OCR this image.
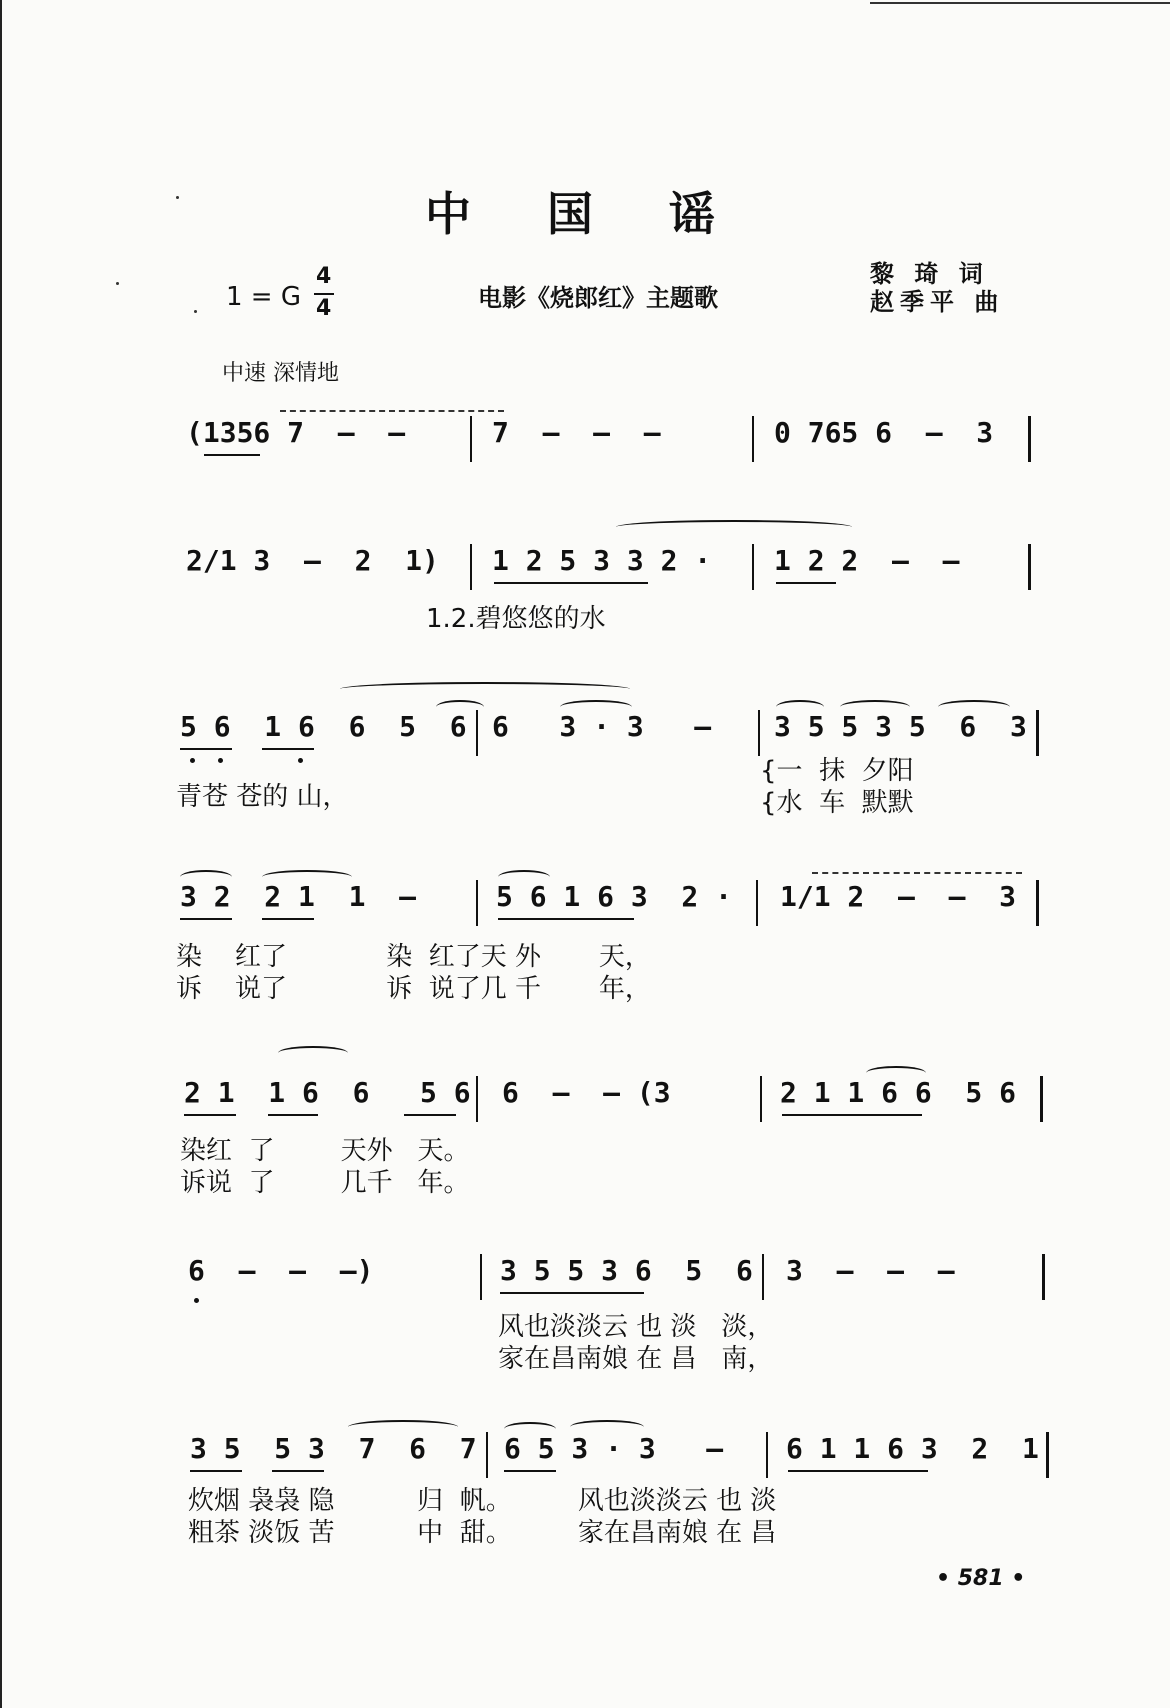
中 国 谣
1 = G
4
4	电影《烧郎红》主题歌
黎 琦 词
赵季平 曲
中速 深情地
(1356 7  —  —	7  —  —  —	0 765 6  —  3
2/1 3  —  2  1) 1 2 5 3 3 2 · 1 2 2  —  —
1.2.碧悠悠的水
5 6  1 6  6  5  6 6   3 · 3   — 3 5 5 3 5  6  3
青苍 苍的 山，
{一  抹  夕阳
{水  车  默默
3 2  2 1  1  —	5 6 1 6 3  2 · 1/1 2  —  —  3
染    红了            染  红了天 外       天，
诉    说了            诉  说了几 千       年，
2 1  1 6  6   5 6 6  —  — (3	2 1 1 6 6  5 6
染红  了        天外   天。
诉说  了        几千   年。
6  —  —  —)	3 5 5 3 6  5  6 3  —  —  —
风也淡淡云 也 淡   淡，
家在昌南娘 在 昌   南，
3 5  5 3  7  6  7 6 5 3 · 3   — 6 1 1 6 3  2  1
炊烟 袅袅 隐          归  帆。        风也淡淡云 也 淡
粗茶 淡饭 苦          中  甜。        家在昌南娘 在 昌
• 581 •
